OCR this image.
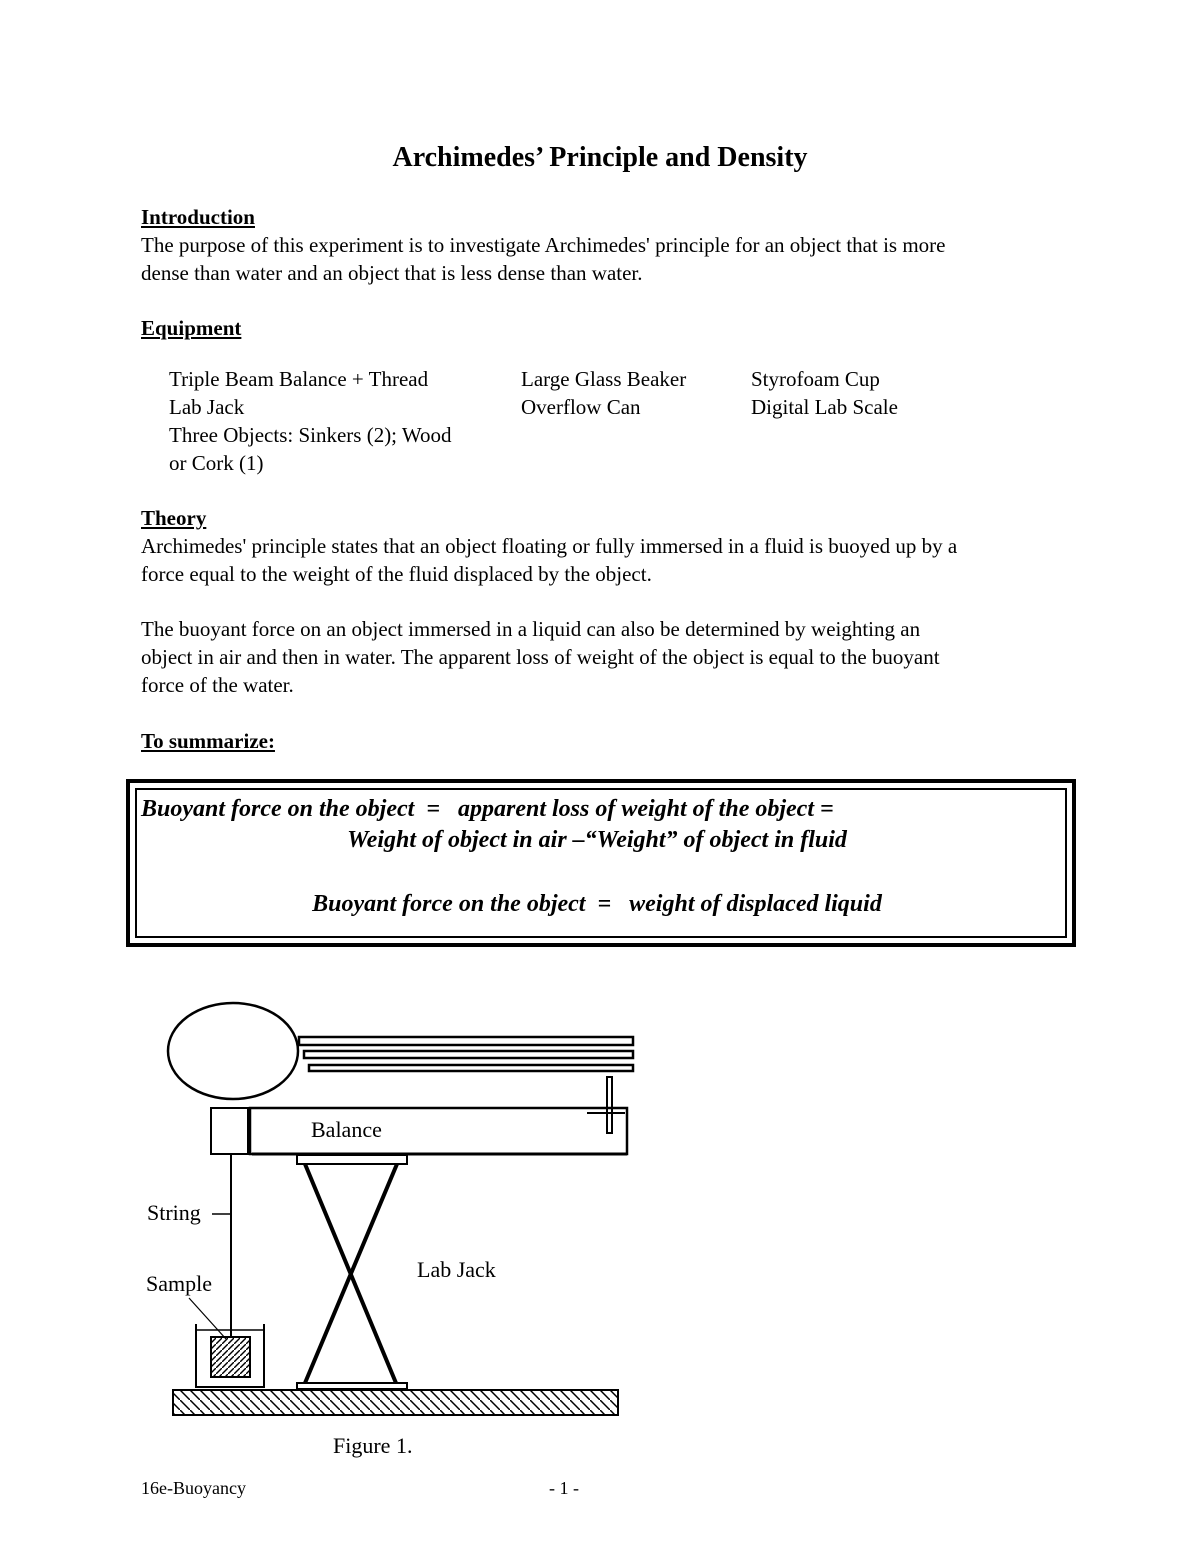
Archimedes’ Principle and Density
Introduction
The purpose of this experiment is to investigate Archimedes' principle for an object that is more
dense than water and an object that is less dense than water.
Equipment
Triple Beam Balance + Thread
Lab Jack
Three Objects: Sinkers (2); Wood
or Cork (1)
Large Glass Beaker
Overflow Can
Styrofoam Cup
Digital Lab Scale
Theory
Archimedes' principle states that an object floating or fully immersed in a fluid is buoyed up by a
force equal to the weight of the fluid displaced by the object.
The buoyant force on an object immersed in a liquid can also be determined by weighting an
object in air and then in water. The apparent loss of weight of the object is equal to the buoyant
force of the water.
To summarize:
Buoyant force on the object  =   apparent loss of weight of the object =
Weight of object in air –“Weight” of object in fluid
Buoyant force on the object  =   weight of displaced liquid
Balance
String
Sample
Lab Jack
Figure 1.
16e-Buoyancy	- 1 -
